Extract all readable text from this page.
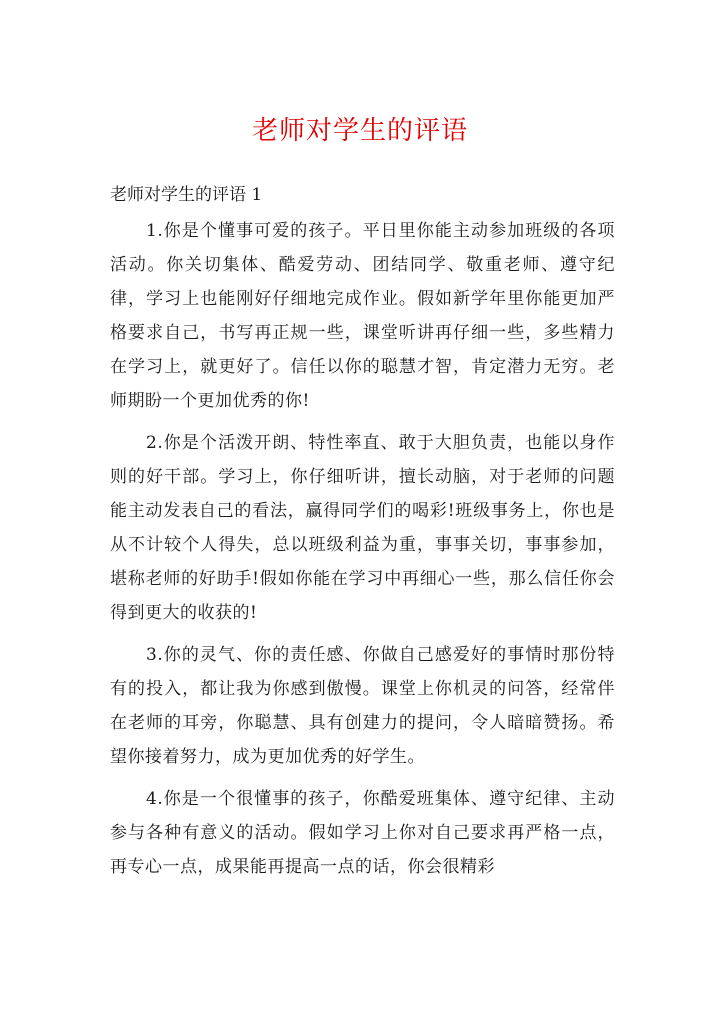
老师对学生的评语
老师对学生的评语 1

1.你是个懂事可爱的孩子。平日里你能主动参加班级的各项活动。你关切集体、酷爱劳动、团结同学、敬重老师、遵守纪律，学习上也能刚好仔细地完成作业。假如新学年里你能更加严格要求自己，书写再正规一些，课堂听讲再仔细一些，多些精力在学习上，就更好了。信任以你的聪慧才智，肯定潜力无穷。老师期盼一个更加优秀的你!

2.你是个活泼开朗、特性率直、敢于大胆负责，也能以身作则的好干部。学习上，你仔细听讲，擅长动脑，对于老师的问题能主动发表自己的看法，赢得同学们的喝彩!班级事务上，你也是从不计较个人得失，总以班级利益为重，事事关切，事事参加，堪称老师的好助手!假如你能在学习中再细心一些，那么信任你会得到更大的收获的!

3.你的灵气、你的责任感、你做自己感爱好的事情时那份特有的投入，都让我为你感到傲慢。课堂上你机灵的问答，经常伴在老师的耳旁，你聪慧、具有创建力的提问，令人暗暗赞扬。希望你接着努力，成为更加优秀的好学生。

4.你是一个很懂事的孩子，你酷爱班集体、遵守纪律、主动参与各种有意义的活动。假如学习上你对自己要求再严格一点，再专心一点，成果能再提高一点的话，你会很精彩
